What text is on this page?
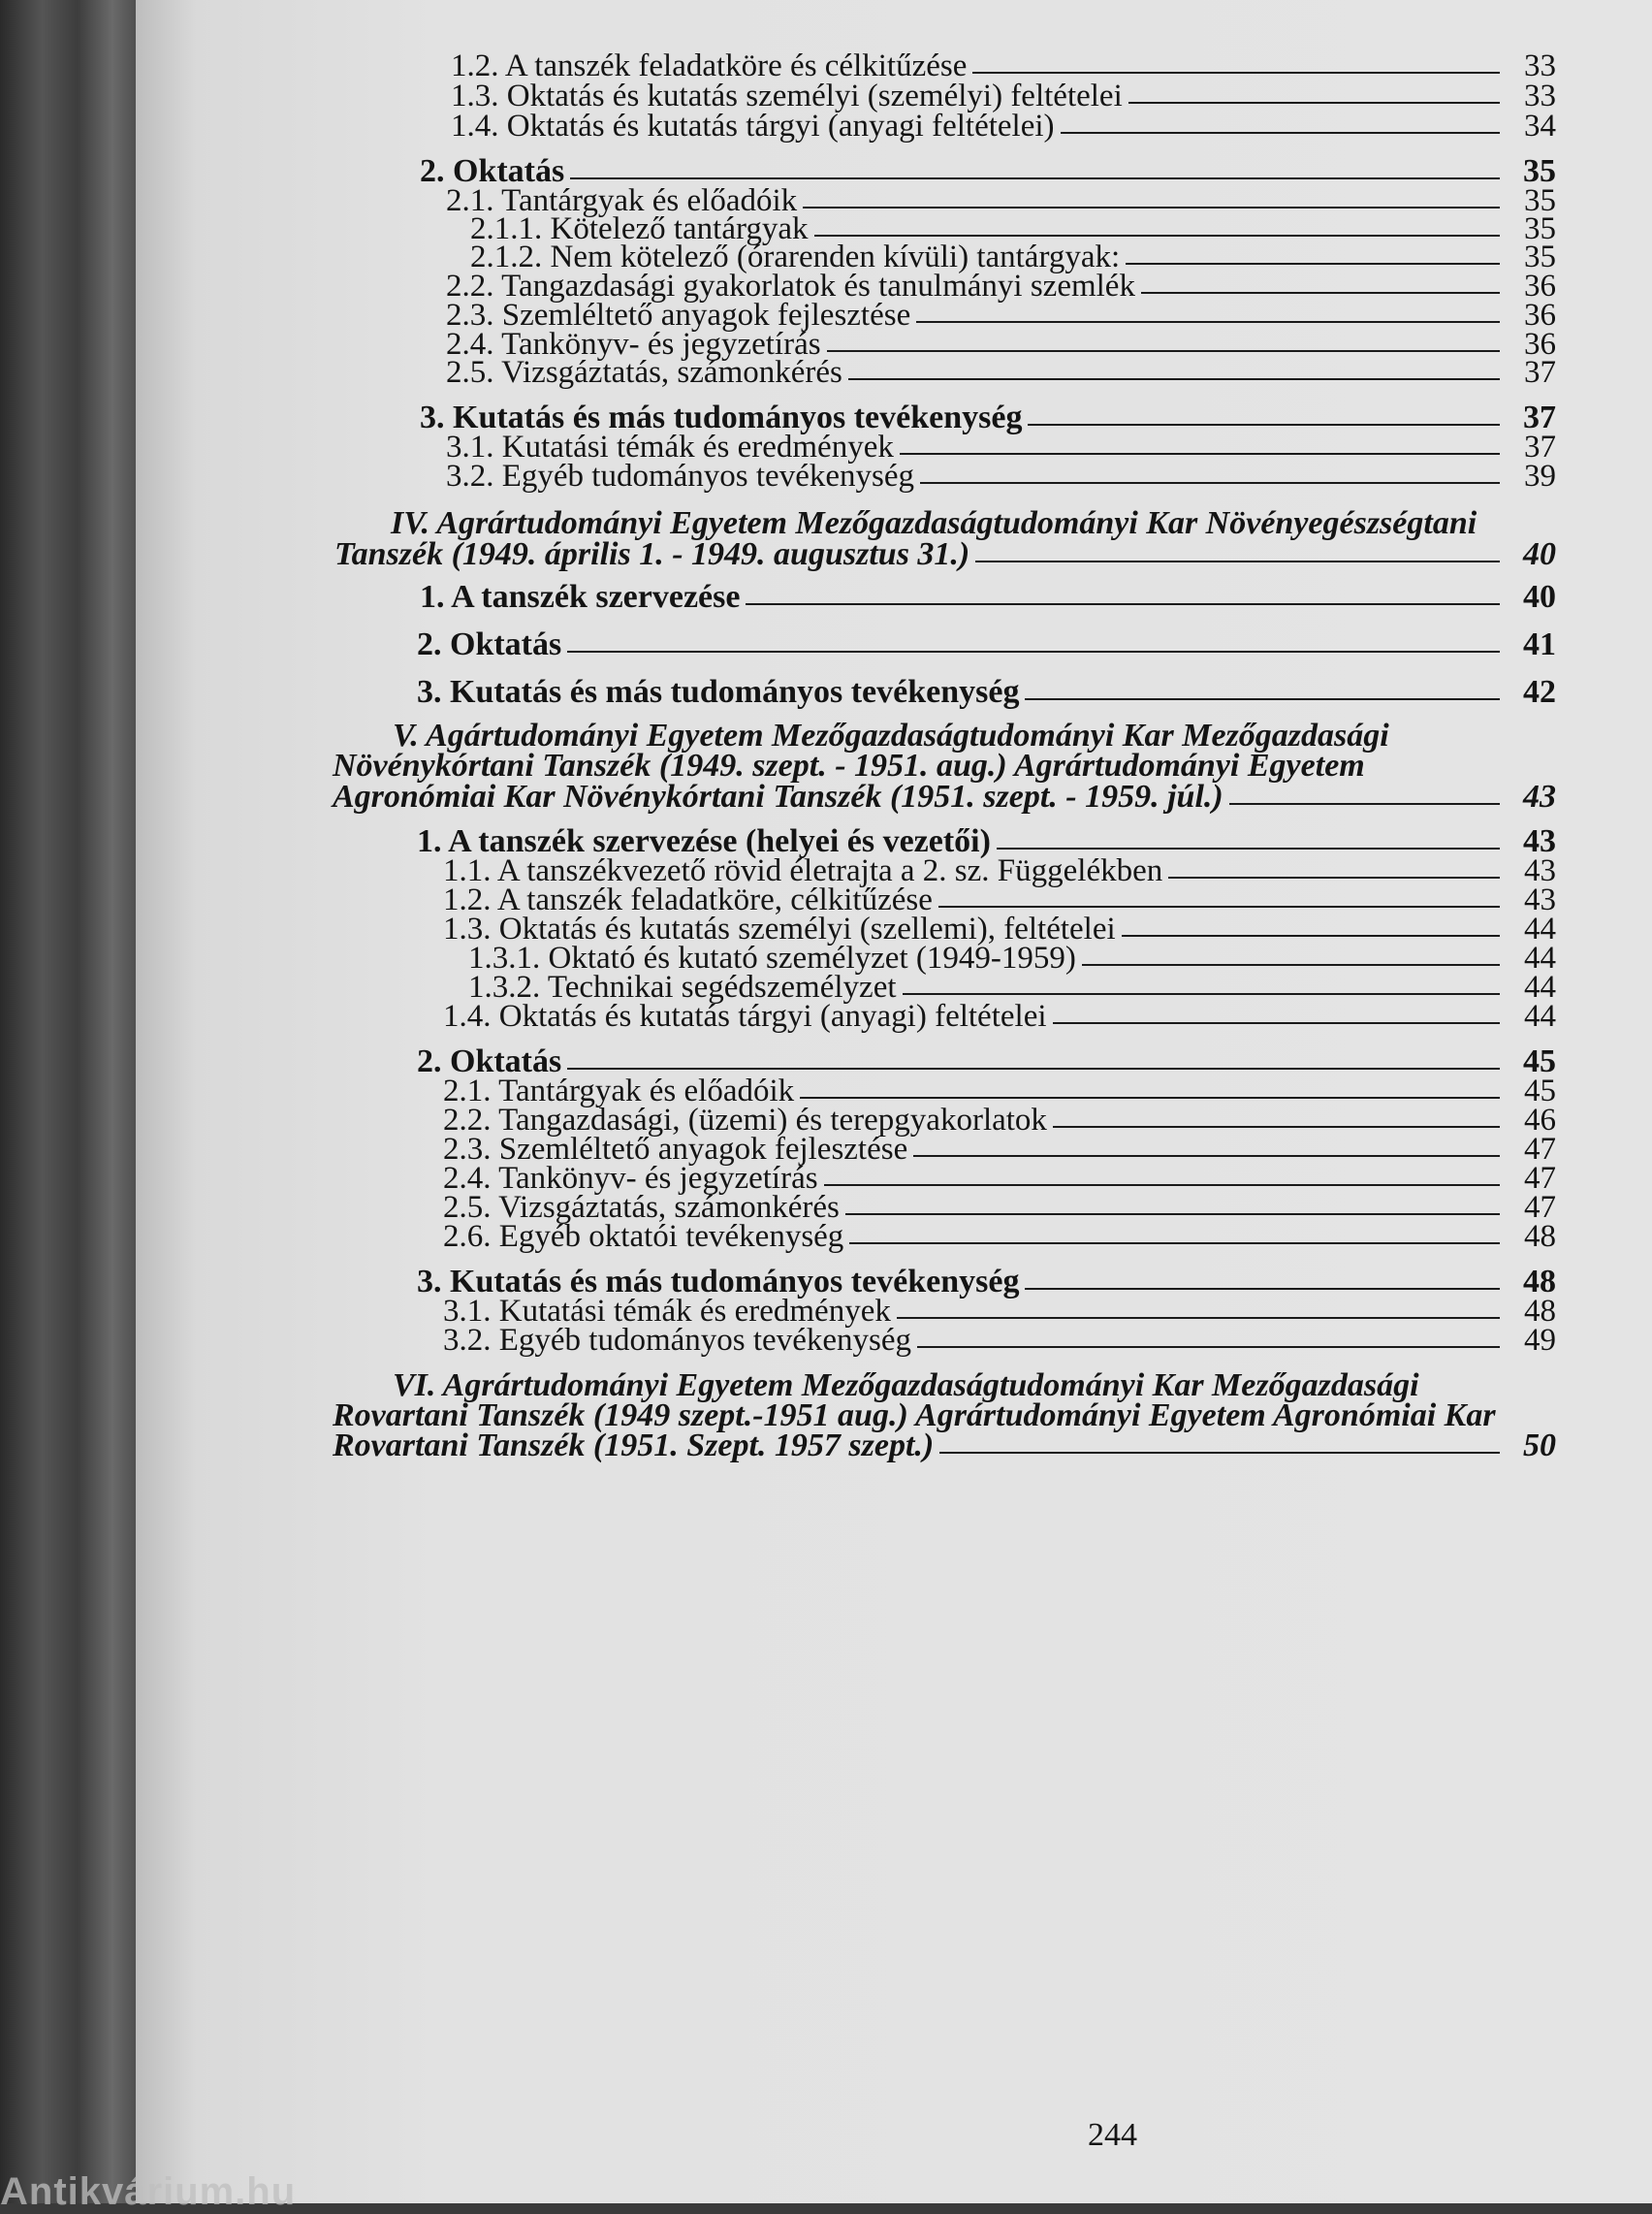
1.2. A tanszék feladatköre és célkitűzése	33
1.3. Oktatás és kutatás személyi (személyi) feltételei	33
1.4. Oktatás és kutatás tárgyi (anyagi feltételei)	34
2. Oktatás	35
2.1. Tantárgyak és előadóik	35
2.1.1. Kötelező tantárgyak	35
2.1.2. Nem kötelező (órarenden kívüli) tantárgyak:	35
2.2. Tangazdasági gyakorlatok és tanulmányi szemlék	36
2.3. Szemléltető anyagok fejlesztése	36
2.4. Tankönyv- és jegyzetírás	36
2.5. Vizsgáztatás, számonkérés	37
3. Kutatás és más tudományos tevékenység	37
3.1. Kutatási témák és eredmények	37
3.2. Egyéb tudományos tevékenység	39
IV. Agrártudományi Egyetem Mezőgazdaságtudományi Kar Növényegészségtani
Tanszék (1949. április 1. - 1949. augusztus 31.)	40
1. A tanszék szervezése	40
2. Oktatás	41
3. Kutatás és más tudományos tevékenység	42
V. Agártudományi Egyetem Mezőgazdaságtudományi Kar Mezőgazdasági
Növénykórtani Tanszék (1949. szept. - 1951. aug.) Agrártudományi Egyetem
Agronómiai Kar Növénykórtani Tanszék (1951. szept. - 1959. júl.)	43
1. A tanszék szervezése (helyei és vezetői)	43
1.1. A tanszékvezető rövid életrajta a 2. sz. Függelékben	43
1.2. A tanszék feladatköre, célkitűzése	43
1.3. Oktatás és kutatás személyi (szellemi), feltételei	44
1.3.1. Oktató és kutató személyzet (1949-1959)	44
1.3.2. Technikai segédszemélyzet	44
1.4. Oktatás és kutatás tárgyi (anyagi) feltételei	44
2. Oktatás	45
2.1. Tantárgyak és előadóik	45
2.2. Tangazdasági, (üzemi) és terepgyakorlatok	46
2.3. Szemléltető anyagok fejlesztése	47
2.4. Tankönyv- és jegyzetírás	47
2.5. Vizsgáztatás, számonkérés	47
2.6. Egyéb oktatói tevékenység	48
3. Kutatás és más tudományos tevékenység	48
3.1. Kutatási témák és eredmények	48
3.2. Egyéb tudományos tevékenység	49
VI. Agrártudományi Egyetem Mezőgazdaságtudományi Kar Mezőgazdasági
Rovartani Tanszék (1949 szept.-1951 aug.) Agrártudományi Egyetem Agronómiai Kar
Rovartani Tanszék (1951. Szept. 1957 szept.)	50
244
Antikvárium.hu
